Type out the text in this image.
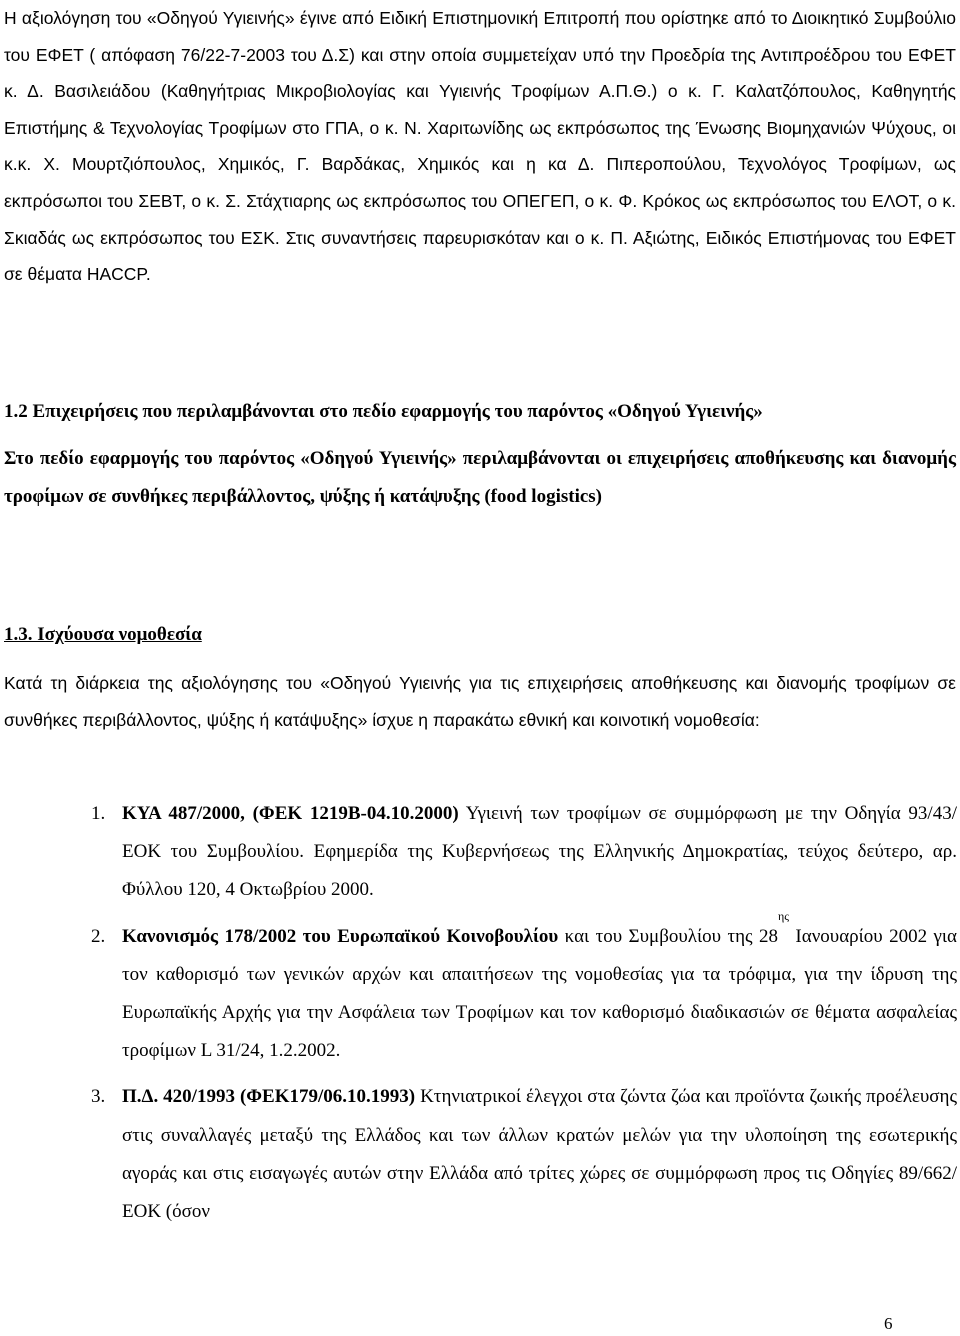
Η αξιολόγηση του «Οδηγού Υγιεινής» έγινε από Ειδική Επιστημονική Επιτροπή που ορίστηκε από το Διοικητικό Συμβούλιο του ΕΦΕΤ ( απόφαση 76/22-7-2003 του Δ.Σ) και στην οποία συμμετείχαν υπό την Προεδρία της Αντιπροέδρου του ΕΦΕΤ κ. Δ. Βασιλειάδου (Καθηγήτριας Μικροβιολογίας και Υγιεινής Τροφίμων Α.Π.Θ.) ο κ. Γ. Καλατζόπουλος, Καθηγητής Επιστήμης & Τεχνολογίας Τροφίμων στο ΓΠΑ, ο κ. Ν. Χαριτωνίδης ως εκπρόσωπος της Ένωσης Βιομηχανιών Ψύχους, οι κ.κ. Χ. Μουρτζιόπουλος, Χημικός, Γ. Βαρδάκας, Χημικός και η κα Δ. Πιπεροπούλου, Τεχνολόγος Τροφίμων, ως εκπρόσωποι του ΣΕΒΤ, ο κ. Σ. Στάχτιαρης ως εκπρόσωπος του ΟΠΕΓΕΠ, ο κ. Φ. Κρόκος ως εκπρόσωπος του ΕΛΟΤ, ο κ. Σκιαδάς ως εκπρόσωπος του ΕΣΚ. Στις συναντήσεις παρευρισκόταν και ο κ. Π. Αξιώτης, Ειδικός Επιστήμονας του ΕΦΕΤ σε θέματα HACCP.

1.2 Επιχειρήσεις που περιλαμβάνονται στο πεδίο εφαρμογής του παρόντος «Οδηγού Υγιεινής»

Στο πεδίο εφαρμογής του παρόντος «Οδηγού Υγιεινής» περιλαμβάνονται οι επιχειρήσεις αποθήκευσης και διανομής τροφίμων σε συνθήκες περιβάλλοντος, ψύξης ή κατάψυξης (food logistics)

1.3. Ισχύουσα νομοθεσία

Κατά τη διάρκεια της αξιολόγησης του «Οδηγού Υγιεινής για τις επιχειρήσεις αποθήκευσης και διανομής τροφίμων σε συνθήκες περιβάλλοντος, ψύξης ή κατάψυξης» ίσχυε η παρακάτω εθνική και κοινοτική νομοθεσία:

1. ΚΥΑ 487/2000, (ΦΕΚ 1219Β-04.10.2000) Υγιεινή των τροφίμων σε συμμόρφωση με την Οδηγία 93/43/ΕΟΚ του Συμβουλίου. Εφημερίδα της Κυβερνήσεως της Ελληνικής Δημοκρατίας, τεύχος δεύτερο, αρ. Φύλλου 120, 4 Οκτωβρίου 2000.
2. Κανονισμός 178/2002 του Ευρωπαϊκού Κοινοβουλίου και του Συμβουλίου της $28^{\eta\varsigma}$ Ιανουαρίου 2002 για τον καθορισμό των γενικών αρχών και απαιτήσεων της νομοθεσίας για τα τρόφιμα, για την ίδρυση της Ευρωπαϊκής Αρχής για την Ασφάλεια των Τροφίμων και τον καθορισμό διαδικασιών σε θέματα ασφαλείας τροφίμων L 31/24, 1.2.2002.
3. Π.Δ. 420/1993 (ΦΕΚ179/06.10.1993) Κτηνιατρικοί έλεγχοι στα ζώντα ζώα και προϊόντα ζωικής προέλευσης στις συναλλαγές μεταξύ της Ελλάδος και των άλλων κρατών μελών για την υλοποίηση της εσωτερικής αγοράς και στις εισαγωγές αυτών στην Ελλάδα από τρίτες χώρες σε συμμόρφωση προς τις Οδηγίες 89/662/ΕΟΚ (όσον
6
